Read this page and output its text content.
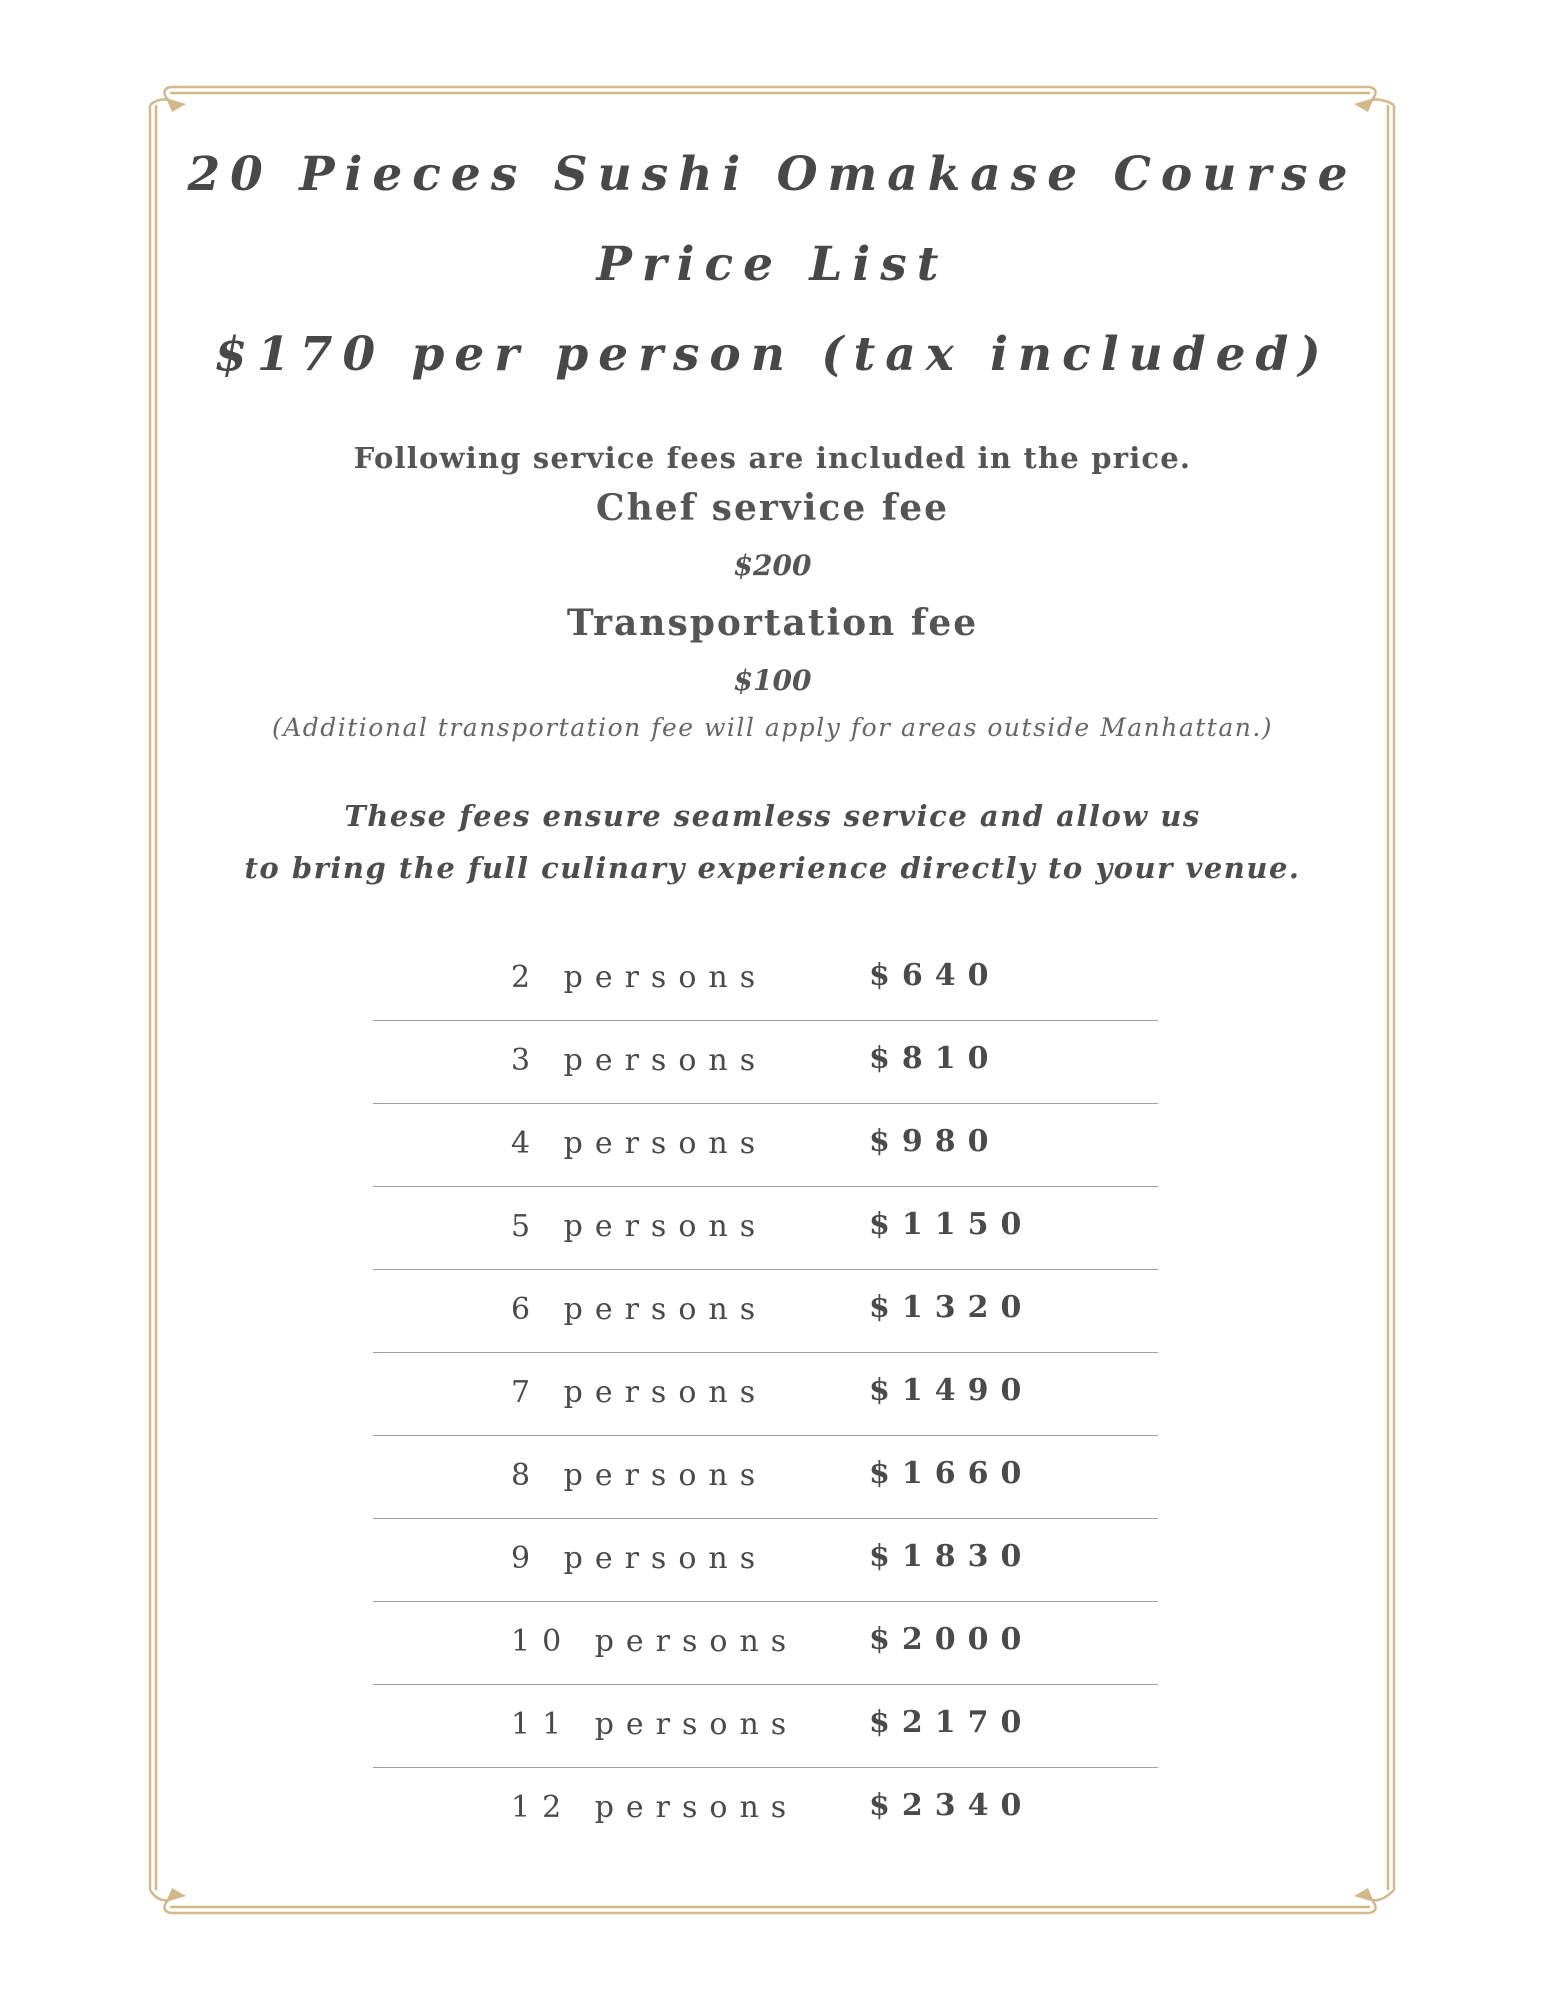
20 Pieces Sushi Omakase Course
Price List
$170 per person (tax included)
Following service fees are included in the price.
Chef service fee
$200
Transportation fee
$100
(Additional transportation fee will apply for areas outside Manhattan.)
These fees ensure seamless service and allow us
to bring the full culinary experience directly to your venue.
2 persons	$640
3 persons	$810
4 persons	$980
5 persons	$1150
6 persons	$1320
7 persons	$1490
8 persons	$1660
9 persons	$1830
10 persons $2000
11 persons $2170
12 persons $2340
